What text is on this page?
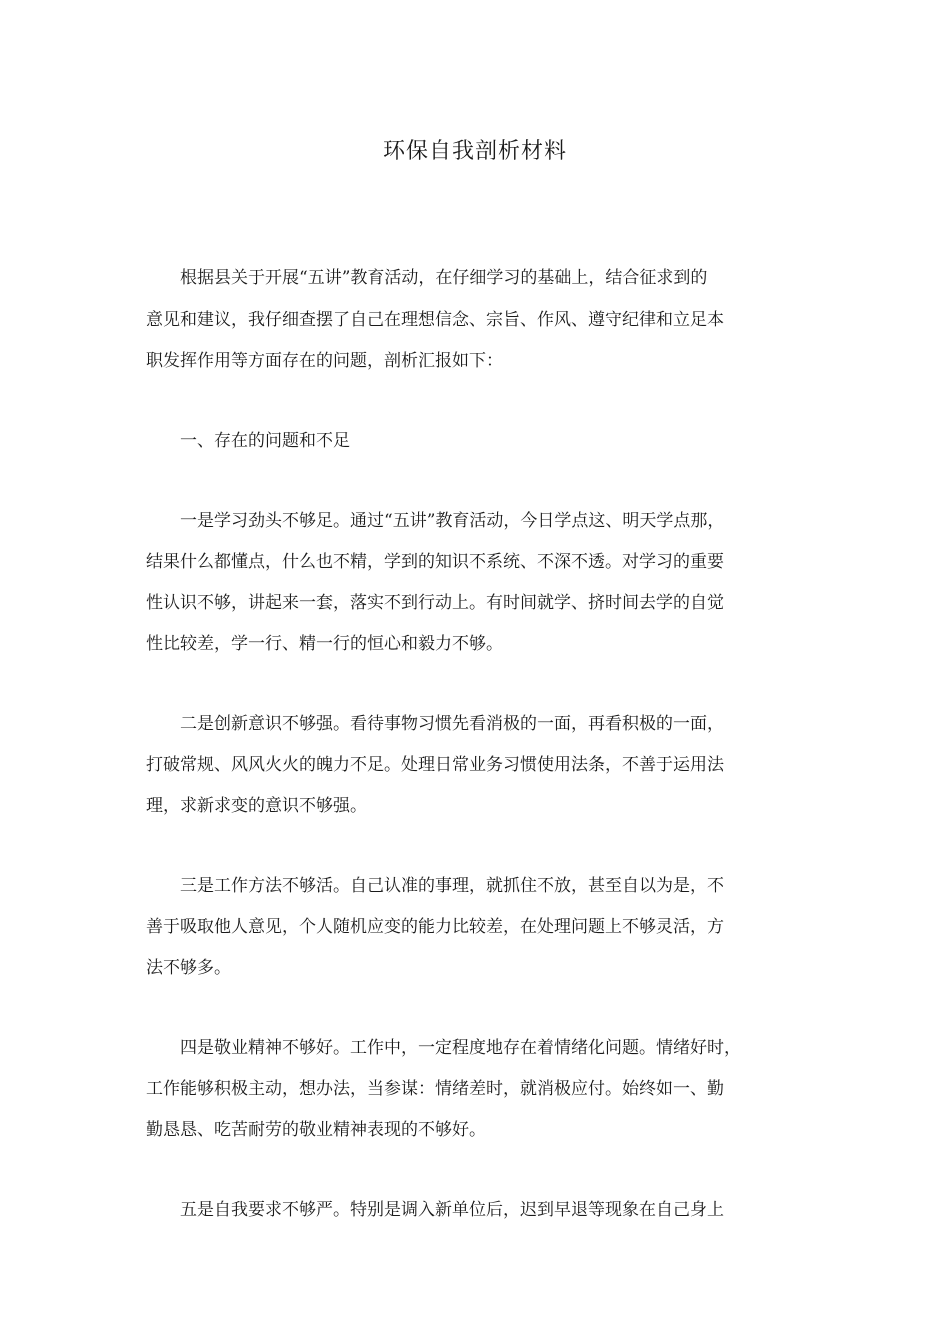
环保自我剖析材料
根据县关于开展“五讲”教育活动，在仔细学习的基础上，结合征求到的
意见和建议，我仔细查摆了自己在理想信念、宗旨、作风、遵守纪律和立足本
职发挥作用等方面存在的问题，剖析汇报如下：
一、存在的问题和不足
一是学习劲头不够足。通过“五讲”教育活动，今日学点这、明天学点那，
结果什么都懂点，什么也不精，学到的知识不系统、不深不透。对学习的重要
性认识不够，讲起来一套，落实不到行动上。有时间就学、挤时间去学的自觉
性比较差，学一行、精一行的恒心和毅力不够。
二是创新意识不够强。看待事物习惯先看消极的一面，再看积极的一面，
打破常规、风风火火的魄力不足。处理日常业务习惯使用法条，不善于运用法
理，求新求变的意识不够强。
三是工作方法不够活。自己认准的事理，就抓住不放，甚至自以为是，不
善于吸取他人意见，个人随机应变的能力比较差，在处理问题上不够灵活，方
法不够多。
四是敬业精神不够好。工作中，一定程度地存在着情绪化问题。情绪好时，
工作能够积极主动，想办法，当参谋：情绪差时，就消极应付。始终如一、勤
勤恳恳、吃苦耐劳的敬业精神表现的不够好。
五是自我要求不够严。特别是调入新单位后，迟到早退等现象在自己身上
